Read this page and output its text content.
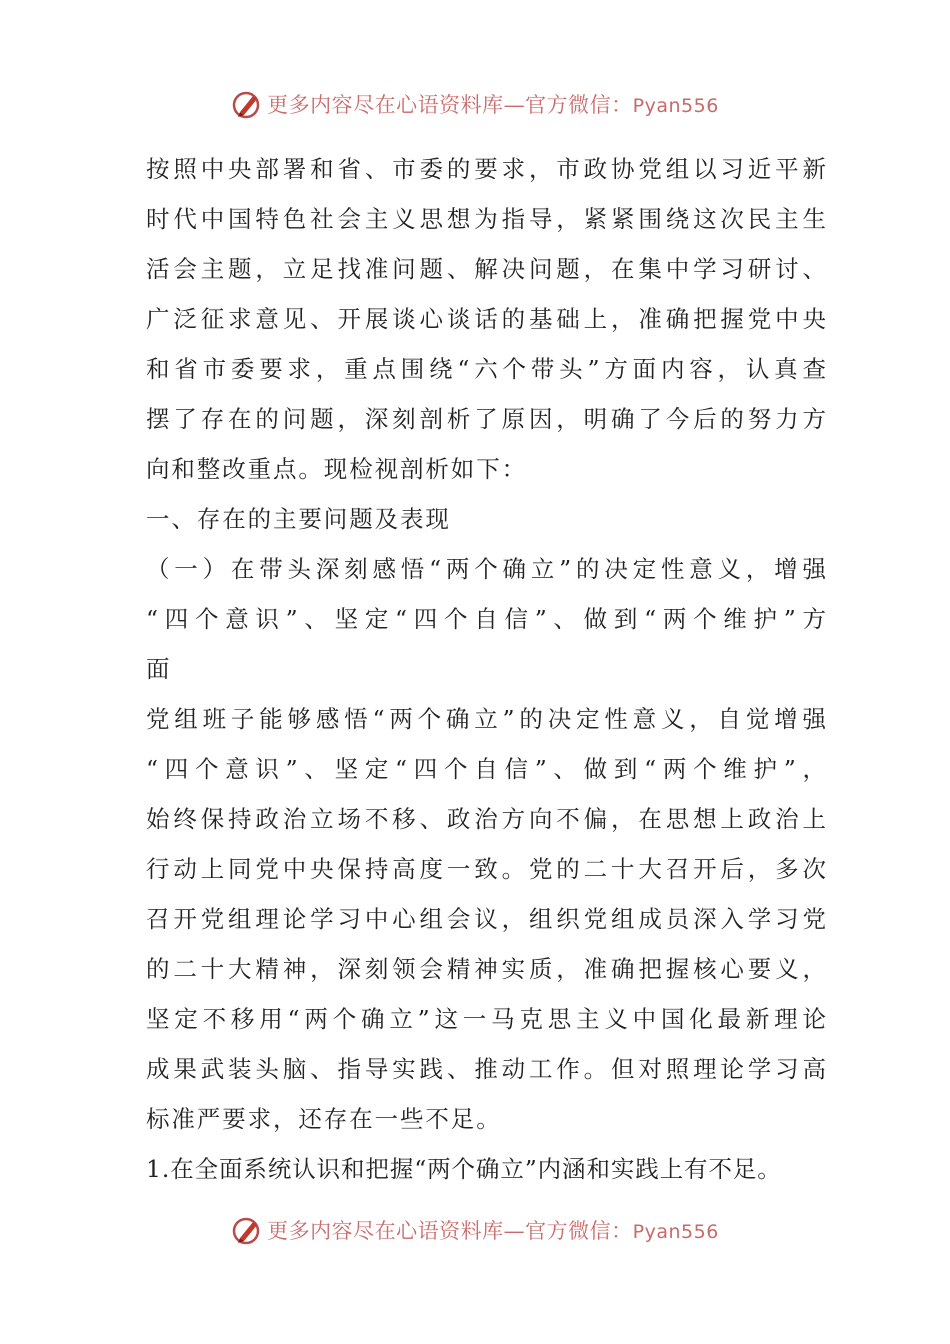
更多内容尽在心语资料库—官方微信：Pyan556
按照中央部署和省、市委的要求，市政协党组以习近平新
时代中国特色社会主义思想为指导，紧紧围绕这次民主生
活会主题，立足找准问题、解决问题，在集中学习研讨、
广泛征求意见、开展谈心谈话的基础上，准确把握党中央
和省市委要求，重点围绕“六个带头”方面内容，认真查
摆了存在的问题，深刻剖析了原因，明确了今后的努力方
向和整改重点。现检视剖析如下：
一、存在的主要问题及表现
（一）在带头深刻感悟“两个确立”的决定性意义，增强
“四个意识”、坚定“四个自信”、做到“两个维护”方
面
党组班子能够感悟“两个确立”的决定性意义，自觉增强
“四个意识”、坚定“四个自信”、做到“两个维护”，
始终保持政治立场不移、政治方向不偏，在思想上政治上
行动上同党中央保持高度一致。党的二十大召开后，多次
召开党组理论学习中心组会议，组织党组成员深入学习党
的二十大精神，深刻领会精神实质，准确把握核心要义，
坚定不移用“两个确立”这一马克思主义中国化最新理论
成果武装头脑、指导实践、推动工作。但对照理论学习高
标准严要求，还存在一些不足。
1.在全面系统认识和把握“两个确立”内涵和实践上有不足。
更多内容尽在心语资料库—官方微信：Pyan556
